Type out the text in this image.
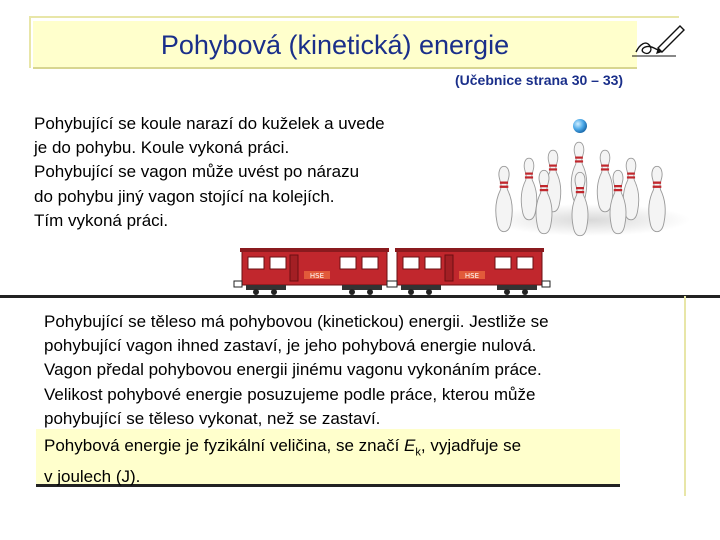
Pohybová (kinetická) energie
(Učebnice strana 30 – 33)

Pohybující se koule narazí do kuželek a uvede
je do pohybu. Koule vykoná práci.
Pohybující se vagon může uvést po nárazu
do pohybu jiný vagon stojící na kolejích.
Tím vykoná práci.

HSE	HSE

Pohybující se těleso má pohybovou (kinetickou) energii. Jestliže se
pohybující vagon ihned zastaví, je jeho pohybová energie nulová.
Vagon předal pohybovou energii jinému vagonu vykonáním práce.
Velikost pohybové energie posuzujeme podle práce, kterou může
pohybující se těleso vykonat, než se zastaví.

Pohybová energie je fyzikální veličina, se značí $E_k$, vyjadřuje se
v joulech (J).
